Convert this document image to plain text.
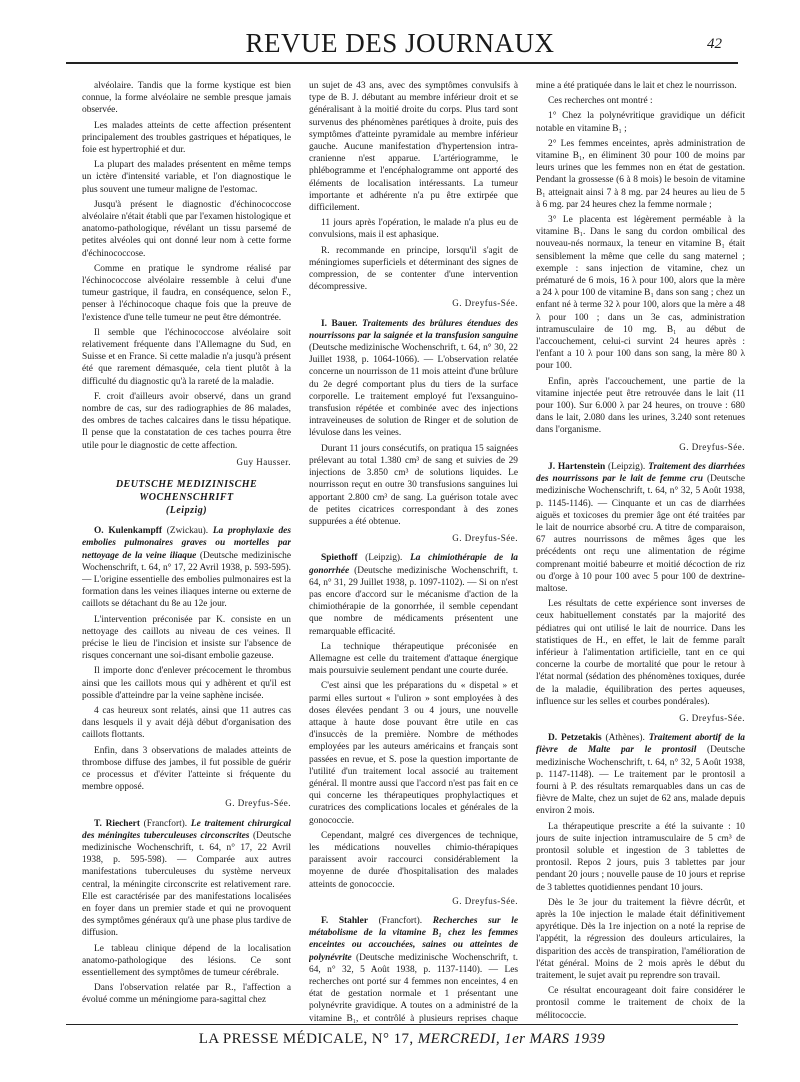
REVUE DES JOURNAUX	42

alvéolaire. Tandis que la forme kystique est bien connue, la forme alvéolaire ne semble presque jamais observée.

Les malades atteints de cette affection présentent principalement des troubles gastriques et hépatiques, le foie est hypertrophié et dur.

La plupart des malades présentent en même temps un ictère d'intensité variable, et l'on diagnostique le plus souvent une tumeur maligne de l'estomac.

Jusqu'à présent le diagnostic d'échinococcose alvéolaire n'était établi que par l'examen histologique et anatomo-pathologique, révélant un tissu parsemé de petites alvéoles qui ont donné leur nom à cette forme d'échinococcose.

Comme en pratique le syndrome réalisé par l'échinococcose alvéolaire ressemble à celui d'une tumeur gastrique, il faudra, en conséquence, selon F., penser à l'échinocoque chaque fois que la preuve de l'existence d'une telle tumeur ne peut être démontrée.

Il semble que l'échinococcose alvéolaire soit relativement fréquente dans l'Allemagne du Sud, en Suisse et en France. Si cette maladie n'a jusqu'à présent été que rarement démasquée, cela tient plutôt à la difficulté du diagnostic qu'à la rareté de la maladie.

F. croit d'ailleurs avoir observé, dans un grand nombre de cas, sur des radiographies de 86 malades, des ombres de taches calcaires dans le tissu hépatique. Il pense que la constatation de ces taches pourra être utile pour le diagnostic de cette affection.

Guy Hausser.
DEUTSCHE MEDIZINISCHE WOCHENSCHRIFT
(Leipzig)

O. Kulenkampff (Zwickau). La prophylaxie des embolies pulmonaires graves ou mortelles par nettoyage de la veine iliaque (Deutsche medizinische Wochenschrift, t. 64, n° 17, 22 Avril 1938, p. 593-595). — L'origine essentielle des embolies pulmonaires est la formation dans les veines iliaques interne ou externe de caillots se détachant du 8e au 12e jour.

L'intervention préconisée par K. consiste en un nettoyage des caillots au niveau de ces veines. Il précise le lieu de l'incision et insiste sur l'absence de risques concernant une soi-disant embolie gazeuse.

Il importe donc d'enlever précocement le thrombus ainsi que les caillots mous qui y adhèrent et qu'il est possible d'atteindre par la veine saphène incisée.

4 cas heureux sont relatés, ainsi que 11 autres cas dans lesquels il y avait déjà début d'organisation des caillots flottants.

Enfin, dans 3 observations de malades atteints de thrombose diffuse des jambes, il fut possible de guérir ce processus et d'éviter l'atteinte si fréquente du membre opposé.

G. Dreyfus-Sée.

T. Riechert (Francfort). Le traitement chirurgical des méningites tuberculeuses circonscrites (Deutsche medizinische Wochenschrift, t. 64, n° 17, 22 Avril 1938, p. 595-598). — Comparée aux autres manifestations tuberculeuses du système nerveux central, la méningite circonscrite est relativement rare. Elle est caractérisée par des manifestations localisées en foyer dans un premier stade et qui ne provoquent des symptômes généraux qu'à une phase plus tardive de diffusion.

Le tableau clinique dépend de la localisation anatomo-pathologique des lésions. Ce sont essentiellement des symptômes de tumeur cérébrale.

Dans l'observation relatée par R., l'affection a évolué comme un méningiome para-sagittal chez

un sujet de 43 ans, avec des symptômes convulsifs à type de B. J. débutant au membre inférieur droit et se généralisant à la moitié droite du corps. Plus tard sont survenus des phénomènes parétiques à droite, puis des symptômes d'atteinte pyramidale au membre inférieur gauche. Aucune manifestation d'hypertension intra-cranienne n'est apparue. L'artériogramme, le phlébogramme et l'encéphalogramme ont apporté des éléments de localisation intéressants. La tumeur importante et adhérente n'a pu être extirpée que difficilement.

11 jours après l'opération, le malade n'a plus eu de convulsions, mais il est aphasique.

R. recommande en principe, lorsqu'il s'agit de méningiomes superficiels et déterminant des signes de compression, de se contenter d'une intervention décompressive.

G. Dreyfus-Sée.

I. Bauer. Traitements des brûlures étendues des nourrissons par la saignée et la transfusion sanguine (Deutsche medizinische Wochenschrift, t. 64, n° 30, 22 Juillet 1938, p. 1064-1066). — L'observation relatée concerne un nourrisson de 11 mois atteint d'une brûlure du 2e degré comportant plus du tiers de la surface corporelle. Le traitement employé fut l'exsanguino-transfusion répétée et combinée avec des injections intraveineuses de solution de Ringer et de solution de lévulose dans les veines.

Durant 11 jours consécutifs, on pratiqua 15 saignées prélevant au total 1.380 cm³ de sang et suivies de 29 injections de 3.850 cm³ de solutions liquides. Le nourrisson reçut en outre 30 transfusions sanguines lui apportant 2.800 cm³ de sang. La guérison totale avec de petites cicatrices correspondant à des zones suppurées a été obtenue.

G. Dreyfus-Sée.

Spiethoff (Leipzig). La chimiothérapie de la gonorrhée (Deutsche medizinische Wochenschrift, t. 64, n° 31, 29 Juillet 1938, p. 1097-1102). — Si on n'est pas encore d'accord sur le mécanisme d'action de la chimiothérapie de la gonorrhée, il semble cependant que nombre de médicaments présentent une remarquable efficacité.

La technique thérapeutique préconisée en Allemagne est celle du traitement d'attaque énergique mais poursuivie seulement pendant une courte durée.

C'est ainsi que les préparations du « dispetal » et parmi elles surtout « l'uliron » sont employées à des doses élevées pendant 3 ou 4 jours, une nouvelle attaque à haute dose pouvant être utile en cas d'insuccès de la première. Nombre de méthodes employées par les auteurs américains et français sont passées en revue, et S. pose la question importante de l'utilité d'un traitement local associé au traitement général. Il montre aussi que l'accord n'est pas fait en ce qui concerne les thérapeutiques prophylactiques et curatrices des complications locales et générales de la gonococcie.

Cependant, malgré ces divergences de technique, les médications nouvelles chimio-thérapiques paraissent avoir raccourci considérablement la moyenne de durée d'hospitalisation des malades atteints de gonococcie.

G. Dreyfus-Sée.

F. Stahler (Francfort). Recherches sur le métabolisme de la vitamine B₁ chez les femmes enceintes ou accouchées, saines ou atteintes de polynévrite (Deutsche medizinische Wochenschrift, t. 64, n° 32, 5 Août 1938, p. 1137-1140). — Les recherches ont porté sur 4 femmes non enceintes, 4 en état de gestation normale et 1 présentant une polynévrite gravidique. A toutes on a administré de la vitamine B₁, et contrôlé à plusieurs reprises chaque

mine a été pratiquée dans le lait et chez le nourrisson.

Ces recherches ont montré :

1° Chez la polynévritique gravidique un déficit notable en vitamine B₁ ;

2° Les femmes enceintes, après administration de vitamine B₁, en éliminent 30 pour 100 de moins par leurs urines que les femmes non en état de gestation. Pendant la grossesse (6 à 8 mois) le besoin de vitamine B₁ atteignait ainsi 7 à 8 mg. par 24 heures au lieu de 5 à 6 mg. par 24 heures chez la femme normale ;

3° Le placenta est légèrement perméable à la vitamine B₁. Dans le sang du cordon ombilical des nouveau-nés normaux, la teneur en vitamine B₁ était sensiblement la même que celle du sang maternel ; exemple : sans injection de vitamine, chez un prématuré de 6 mois, 16 λ pour 100, alors que la mère a 24 λ pour 100 de vitamine B₁ dans son sang ; chez un enfant né à terme 32 λ pour 100, alors que la mère a 48 λ pour 100 ; dans un 3e cas, administration intramusculaire de 10 mg. B₁ au début de l'accouchement, celui-ci survint 24 heures après : l'enfant a 10 λ pour 100 dans son sang, la mère 80 λ pour 100.

Enfin, après l'accouchement, une partie de la vitamine injectée peut être retrouvée dans le lait (11 pour 100). Sur 6.000 λ par 24 heures, on trouve : 680 dans le lait, 2.080 dans les urines, 3.240 sont retenues dans l'organisme.

G. Dreyfus-Sée.

J. Hartenstein (Leipzig). Traitement des diarrhées des nourrissons par le lait de femme cru (Deutsche medizinische Wochenschrift, t. 64, n° 32, 5 Août 1938, p. 1145-1146). — Cinquante et un cas de diarrhées aiguës et toxicoses du premier âge ont été traitées par le lait de nourrice absorbé cru. A titre de comparaison, 67 autres nourrissons de mêmes âges que les précédents ont reçu une alimentation de régime comprenant moitié babeurre et moitié décoction de riz ou d'orge à 10 pour 100 avec 5 pour 100 de dextrine-maltose.

Les résultats de cette expérience sont inverses de ceux habituellement constatés par la majorité des pédiatres qui ont utilisé le lait de nourrice. Dans les statistiques de H., en effet, le lait de femme paraît inférieur à l'alimentation artificielle, tant en ce qui concerne la courbe de mortalité que pour le retour à l'état normal (sédation des phénomènes toxiques, durée de la maladie, équilibration des pertes aqueuses, influence sur les selles et courbes pondérales).

G. Dreyfus-Sée.

D. Petzetakis (Athènes). Traitement abortif de la fièvre de Malte par le prontosil (Deutsche medizinische Wochenschrift, t. 64, n° 32, 5 Août 1938, p. 1147-1148). — Le traitement par le prontosil a fourni à P. des résultats remarquables dans un cas de fièvre de Malte, chez un sujet de 62 ans, malade depuis environ 2 mois.

La thérapeutique prescrite a été la suivante : 10 jours de suite injection intramusculaire de 5 cm³ de prontosil soluble et ingestion de 3 tablettes de prontosil. Repos 2 jours, puis 3 tablettes par jour pendant 20 jours ; nouvelle pause de 10 jours et reprise de 3 tablettes quotidiennes pendant 10 jours.

Dès le 3e jour du traitement la fièvre décrût, et après la 10e injection le malade était définitivement apyrétique. Dès la 1re injection on a noté la reprise de l'appétit, la régression des douleurs articulaires, la disparition des accès de transpiration, l'amélioration de l'état général. Moins de 2 mois après le début du traitement, le sujet avait pu reprendre son travail.

Ce résultat encourageant doit faire considérer le prontosil comme le traitement de choix de la mélitococcie.

LA PRESSE MÉDICALE, N° 17, MERCREDI, 1er MARS 1939
